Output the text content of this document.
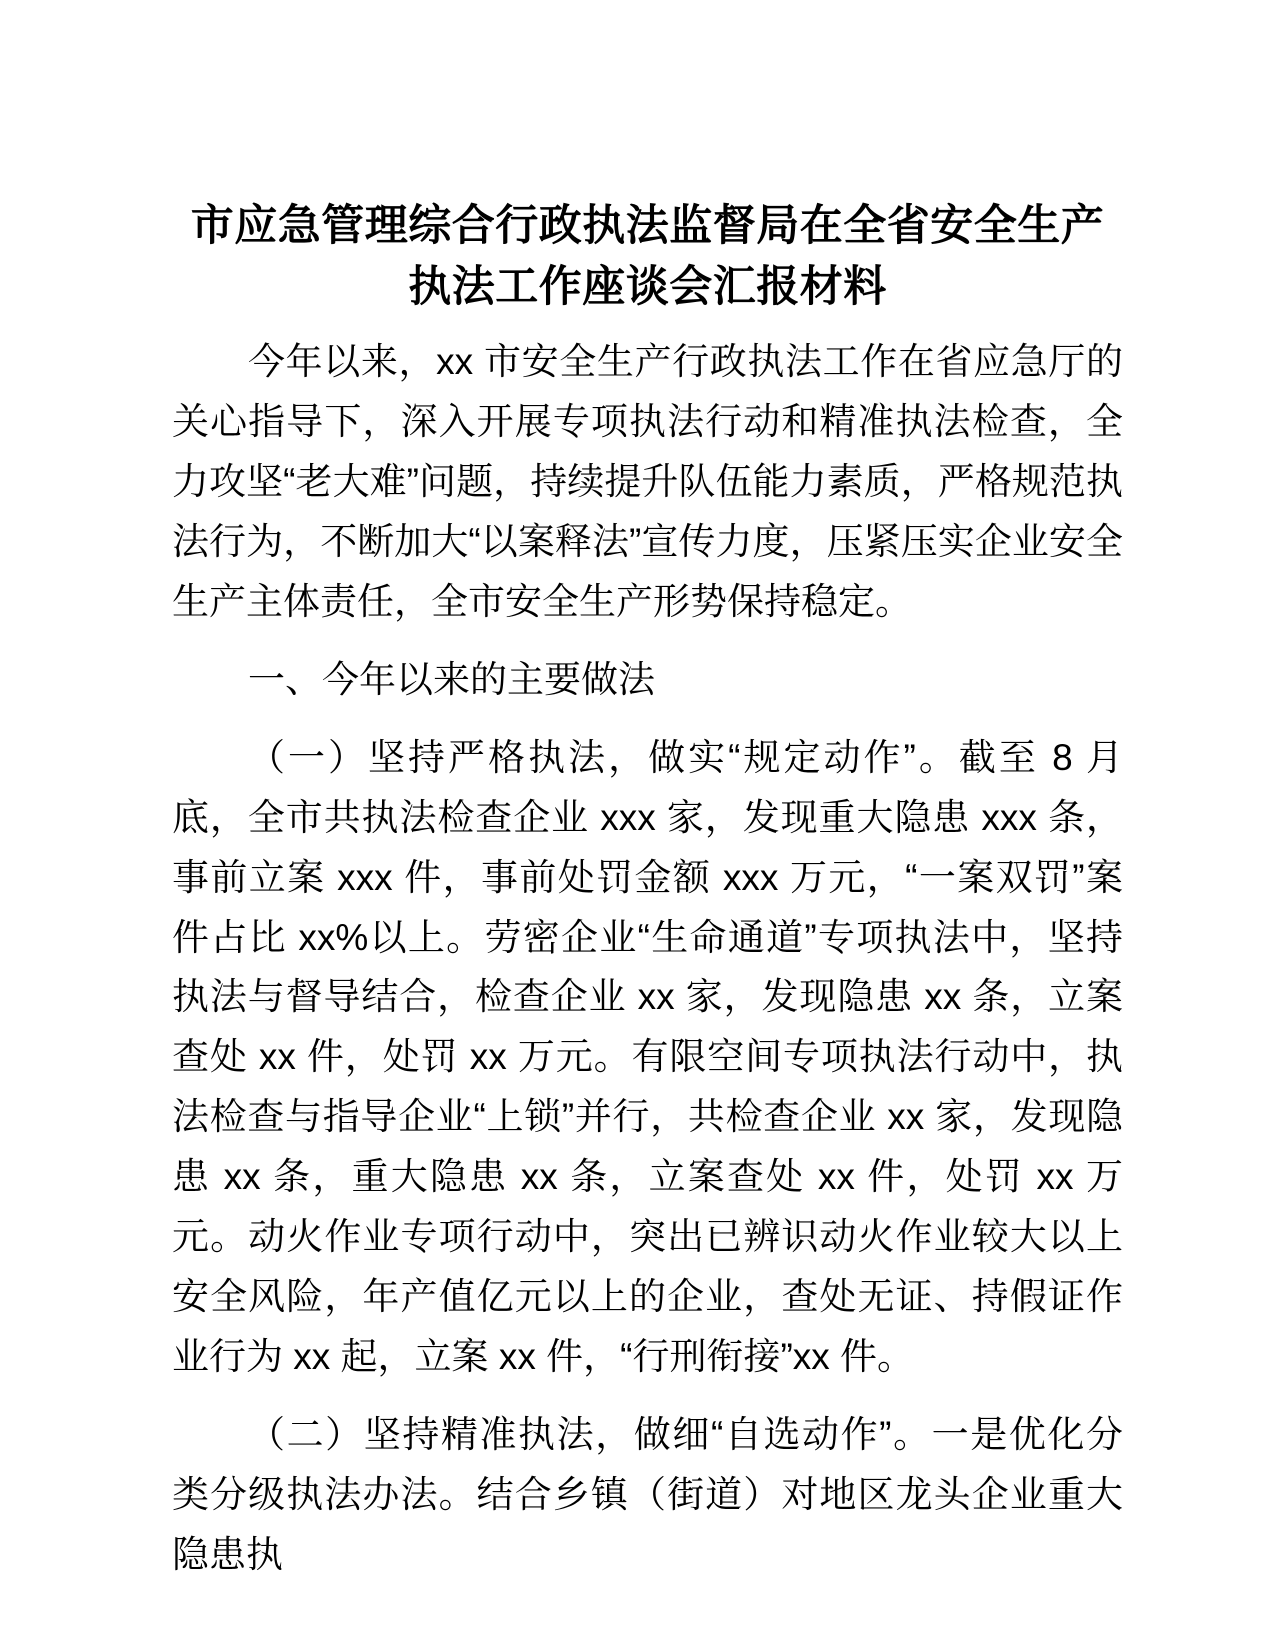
市应急管理综合行政执法监督局在全省安全生产执法工作座谈会汇报材料

今年以来，xx 市安全生产行政执法工作在省应急厅的关心指导下，深入开展专项执法行动和精准执法检查，全力攻坚“老大难”问题，持续提升队伍能力素质，严格规范执法行为，不断加大“以案释法”宣传力度，压紧压实企业安全生产主体责任，全市安全生产形势保持稳定。

一、今年以来的主要做法

（一）坚持严格执法，做实“规定动作”。截至 8 月底，全市共执法检查企业 xxx 家，发现重大隐患 xxx 条，事前立案 xxx 件，事前处罚金额 xxx 万元，“一案双罚”案件占比 xx%以上。劳密企业“生命通道”专项执法中，坚持执法与督导结合，检查企业 xx 家，发现隐患 xx 条，立案查处 xx 件，处罚 xx 万元。有限空间专项执法行动中，执法检查与指导企业“上锁”并行，共检查企业 xx 家，发现隐患 xx 条，重大隐患 xx 条，立案查处 xx 件，处罚 xx 万元。动火作业专项行动中，突出已辨识动火作业较大以上安全风险，年产值亿元以上的企业，查处无证、持假证作业行为 xx 起，立案 xx 件，“行刑衔接”xx 件。

（二）坚持精准执法，做细“自选动作”。一是优化分类分级执法办法。结合乡镇（街道）对地区龙头企业重大隐患执
